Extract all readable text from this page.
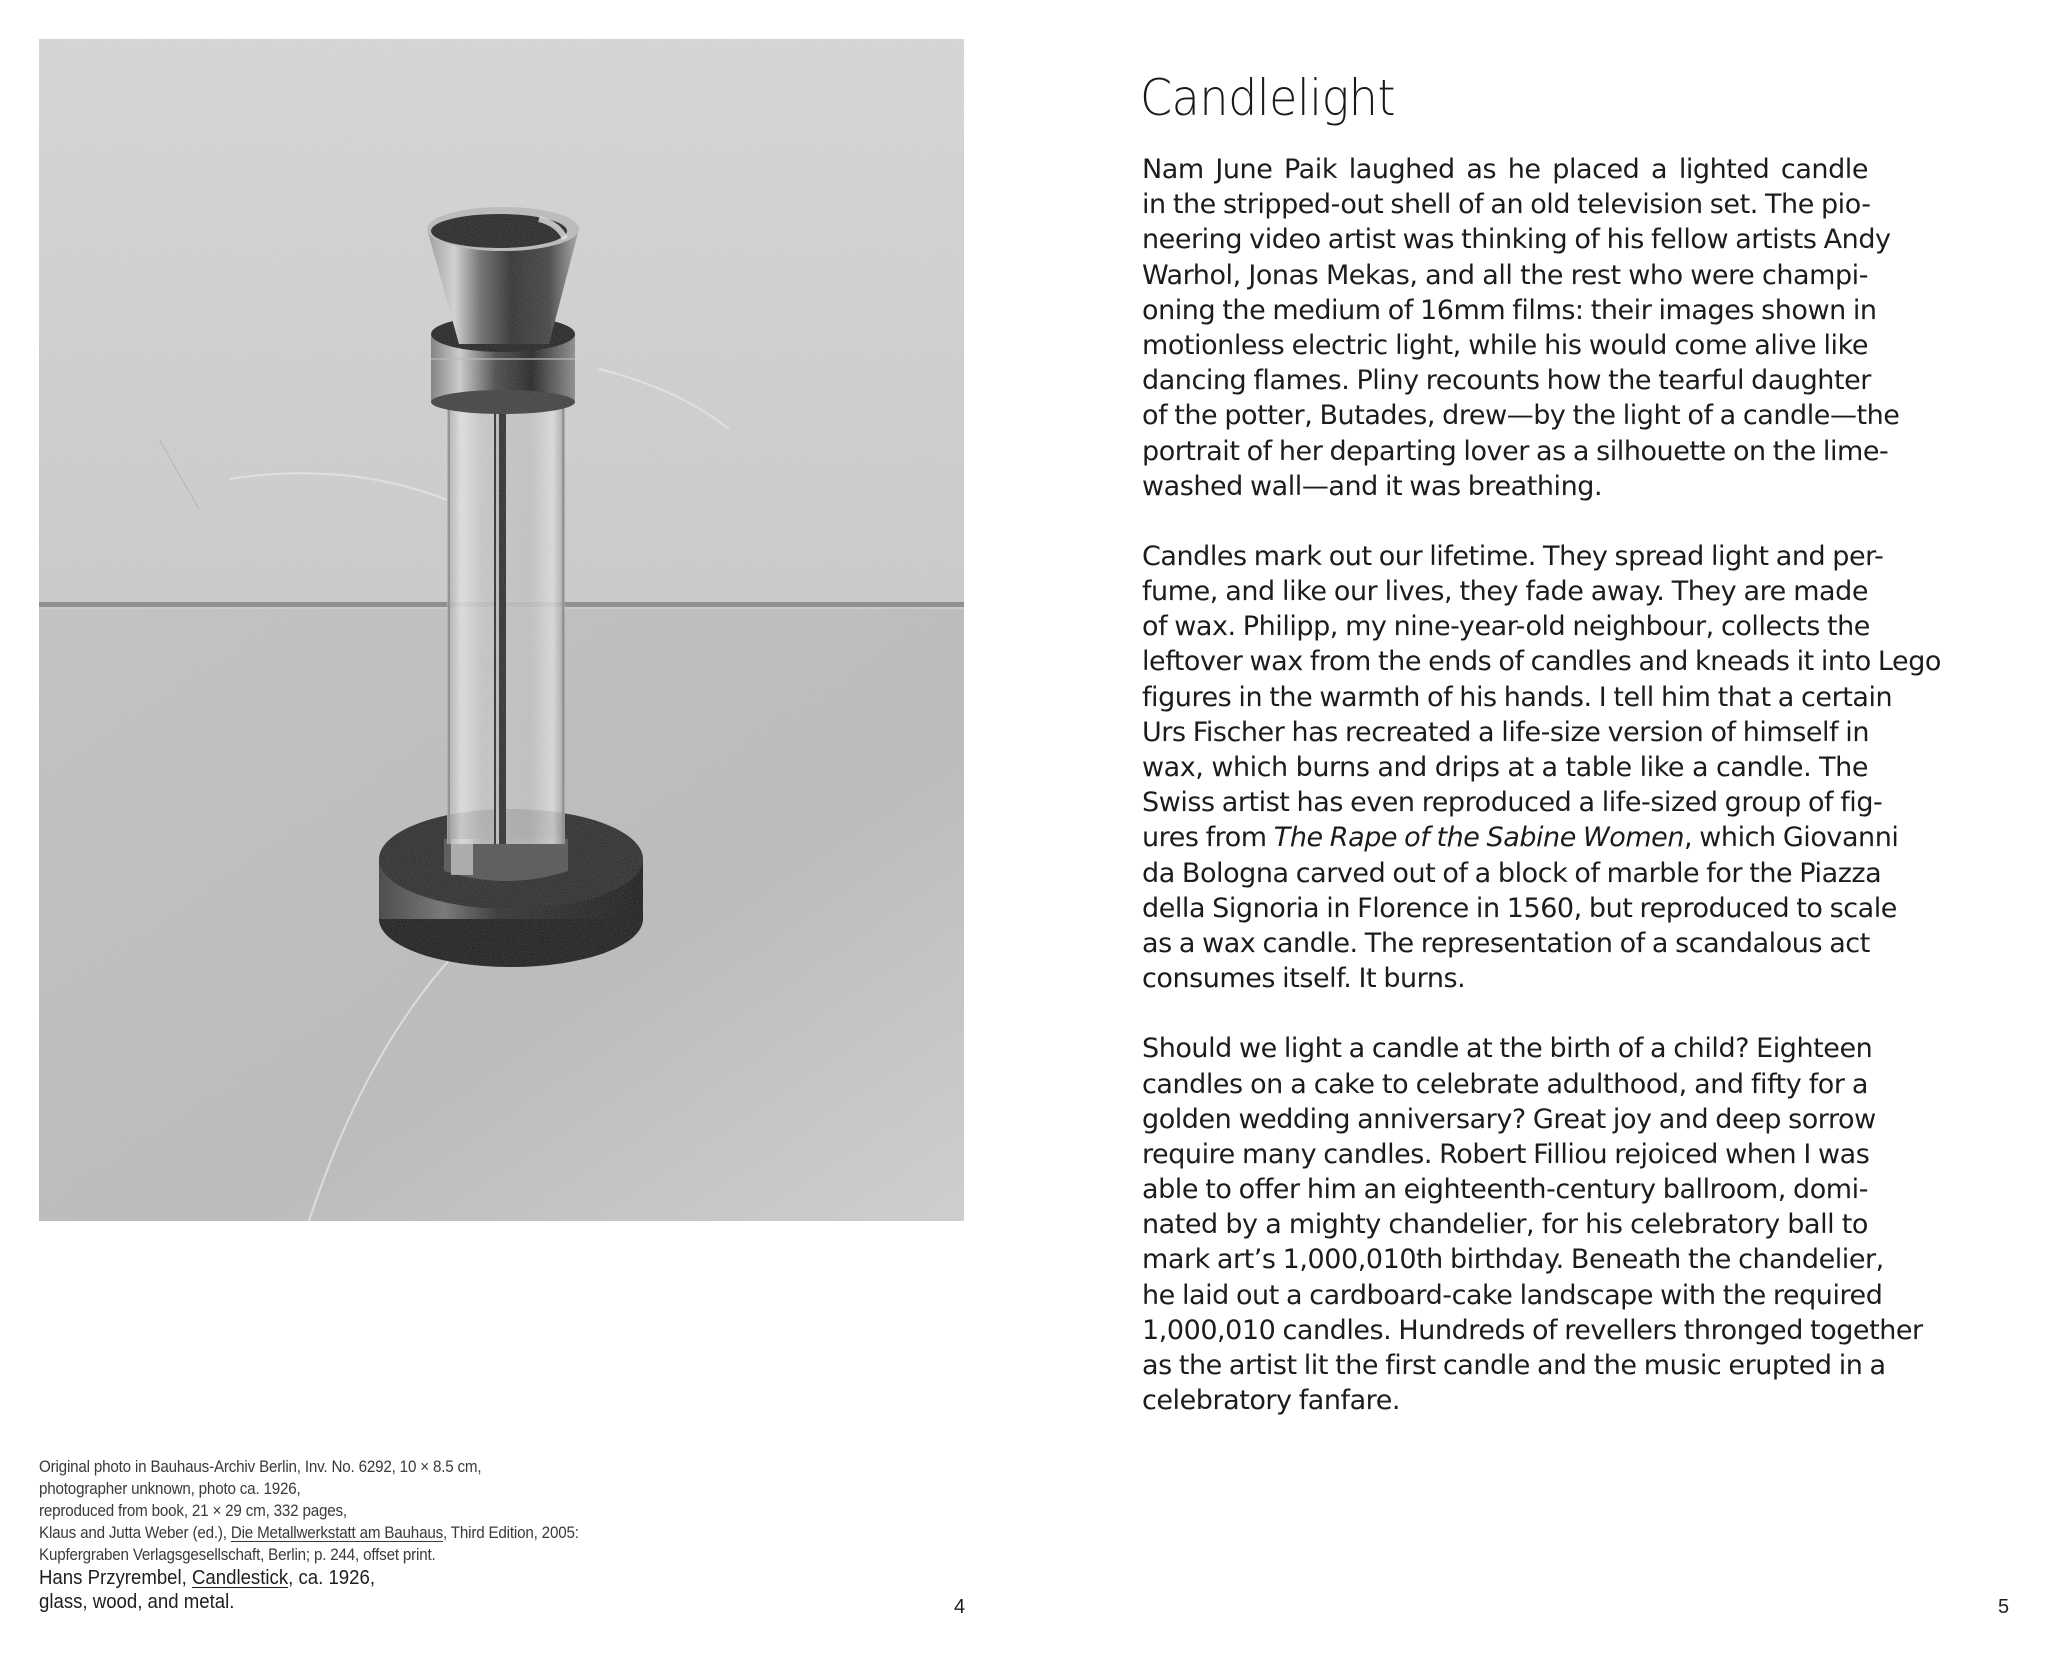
Original photo in Bauhaus-Archiv Berlin, Inv. No. 6292, 10 × 8.5 cm,
photographer unknown, photo ca. 1926,
reproduced from book, 21 × 29 cm, 332 pages,
Klaus and Jutta Weber (ed.), Die Metallwerkstatt am Bauhaus, Third Edition, 2005:
Kupfergraben Verlagsgesellschaft, Berlin; p. 244, offset print.
Hans Przyrembel, Candlestick, ca. 1926,
glass, wood, and metal.	4
Candlelight
Nam June Paik laughed as he placed a lighted candle
in the stripped-out shell of an old television set. The pio-
neering video artist was thinking of his fellow artists Andy
Warhol, Jonas Mekas, and all the rest who were champi-
oning the medium of 16mm films: their images shown in
motionless electric light, while his would come alive like
dancing flames. Pliny recounts how the tearful daughter
of the potter, Butades, drew—by the light of a candle—the
portrait of her departing lover as a silhouette on the lime-
washed wall—and it was breathing.
Candles mark out our lifetime. They spread light and per-
fume, and like our lives, they fade away. They are made
of wax. Philipp, my nine-year-old neighbour, collects the
leftover wax from the ends of candles and kneads it into Lego
figures in the warmth of his hands. I tell him that a certain
Urs Fischer has recreated a life-size version of himself in
wax, which burns and drips at a table like a candle. The
Swiss artist has even reproduced a life-sized group of fig-
ures from The Rape of the Sabine Women, which Giovanni
da Bologna carved out of a block of marble for the Piazza
della Signoria in Florence in 1560, but reproduced to scale
as a wax candle. The representation of a scandalous act
consumes itself. It burns.
Should we light a candle at the birth of a child? Eighteen
candles on a cake to celebrate adulthood, and fifty for a
golden wedding anniversary? Great joy and deep sorrow
require many candles. Robert Filliou rejoiced when I was
able to offer him an eighteenth-century ballroom, domi-
nated by a mighty chandelier, for his celebratory ball to
mark art’s 1,000,010th birthday. Beneath the chandelier,
he laid out a cardboard-cake landscape with the required
1,000,010 candles. Hundreds of revellers thronged together
as the artist lit the first candle and the music erupted in a
celebratory fanfare.
5
